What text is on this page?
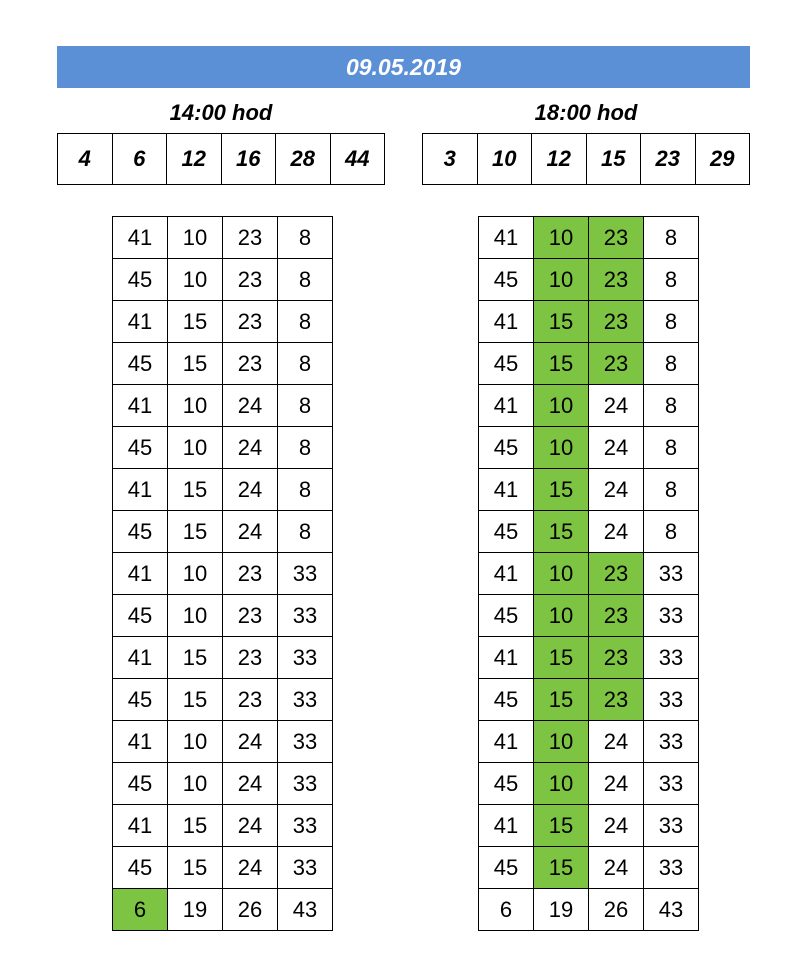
09.05.2019
14:00 hod	18:00 hod
4	6	12	16	28	44	3	10	12	15	23	29
41	10	23	8
45	10	23	8
41	15	23	8
45	15	23	8
41	10	24	8
45	10	24	8
41	15	24	8
45	15	24	8
41	10	23	33
45	10	23	33
41	15	23	33
45	15	23	33
41	10	24	33
45	10	24	33
41	15	24	33
45	15	24	33
6	19	26	43
41	10	23	8
45	10	23	8
41	15	23	8
45	15	23	8
41	10	24	8
45	10	24	8
41	15	24	8
45	15	24	8
41	10	23	33
45	10	23	33
41	15	23	33
45	15	23	33
41	10	24	33
45	10	24	33
41	15	24	33
45	15	24	33
6	19	26	43
